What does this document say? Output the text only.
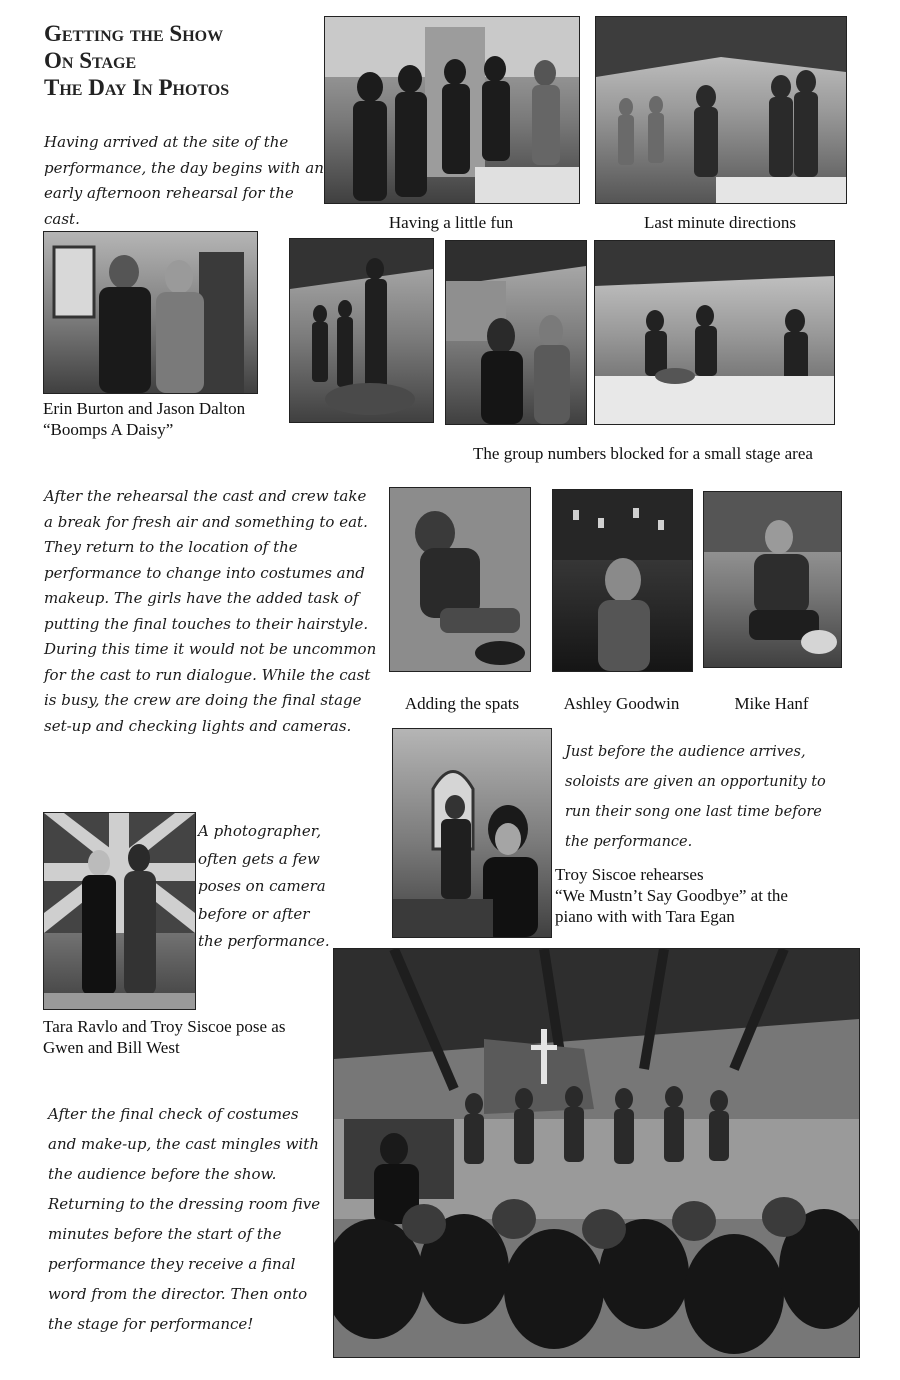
Getting the Show
On Stage
The Day In Photos
Having arrived at the site of the performance, the day begins with an early afternoon rehearsal for the cast.	Having a little fun	Last minute directions
Erin Burton and Jason Dalton
“Boomps A Daisy”
The group numbers blocked for a small stage area
After the rehearsal the cast and crew take a break for fresh air and something to eat. They return to the location of the performance to change into costumes and makeup. The girls have the added task of putting the final touches to their hairstyle. During this time it would not be uncommon for the cast to run dialogue. While the cast is busy, the crew are doing the final stage set-up and checking lights and cameras.
Adding the spats	Ashley Goodwin	Mike Hanf
Just before the audience arrives, soloists are given an opportunity to run their song one last time before the performance.
Troy Siscoe rehearses
“We Mustn’t Say Goodbye” at the
piano with with Tara Egan
A photographer, often gets a few poses on camera before or after the performance.
Tara Ravlo and Troy Siscoe pose as
Gwen and Bill West
After the final check of costumes and make-up, the cast mingles with the audience before the show. Returning to the dressing room five minutes before the start of the performance they receive a final word from the director. Then onto the stage for performance!
